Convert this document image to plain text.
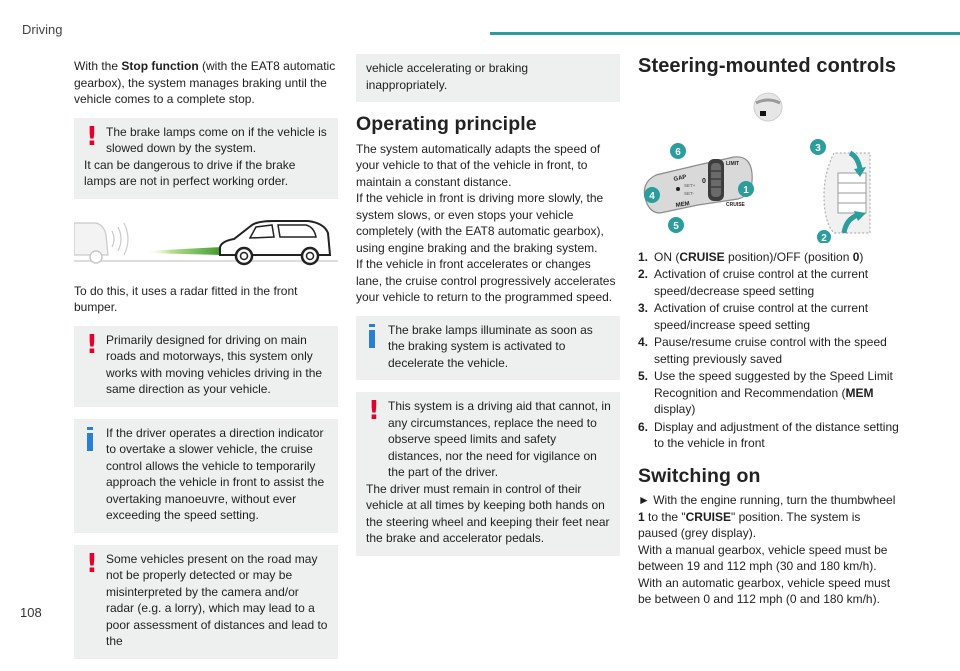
Driving

With the Stop function (with the EAT8 automatic gearbox), the system manages braking until the vehicle comes to a complete stop.

! The brake lamps come on if the vehicle is slowed down by the system.
It can be dangerous to drive if the brake lamps are not in perfect working order.

To do this, it uses a radar fitted in the front bumper.

! Primarily designed for driving on main roads and motorways, this system only works with moving vehicles driving in the same direction as your vehicle.
If the driver operates a direction indicator to overtake a slower vehicle, the cruise control allows the vehicle to temporarily approach the vehicle in front to assist the overtaking manoeuvre, without ever exceeding the speed setting.
! Some vehicles present on the road may not be properly detected or may be misinterpreted by the camera and/or radar (e.g. a lorry), which may lead to a poor assessment of distances and lead to the
vehicle accelerating or braking inappropriately.
Operating principle

The system automatically adapts the speed of your vehicle to that of the vehicle in front, to maintain a constant distance.

If the vehicle in front is driving more slowly, the system slows, or even stops your vehicle completely (with the EAT8 automatic gearbox), using engine braking and the braking system.

If the vehicle in front accelerates or changes lane, the cruise control progressively accelerates your vehicle to return to the programmed speed.

The brake lamps illuminate as soon as the braking system is activated to decelerate the vehicle.
! This system is a driving aid that cannot, in any circumstances, replace the need to observe speed limits and safety distances, nor the need for vigilance on the part of the driver.
The driver must remain in control of their vehicle at all times by keeping both hands on the steering wheel and keeping their feet near the brake and accelerator pedals.
Steering-mounted controls
GAP
LIMIT
0
CRUISE
MEM
SET+
SET-
6
4
5
1
3
2
1. ON (CRUISE position)/OFF (position 0)
2. Activation of cruise control at the current speed/decrease speed setting
3. Activation of cruise control at the current speed/increase speed setting
4. Pause/resume cruise control with the speed setting previously saved
5. Use the speed suggested by the Speed Limit Recognition and Recommendation (MEM display)
6. Display and adjustment of the distance setting to the vehicle in front
Switching on

► With the engine running, turn the thumbwheel 1 to the "CRUISE" position. The system is paused (grey display).

With a manual gearbox, vehicle speed must be between 19 and 112 mph (30 and 180 km/h).

With an automatic gearbox, vehicle speed must be between 0 and 112 mph (0 and 180 km/h).

108
